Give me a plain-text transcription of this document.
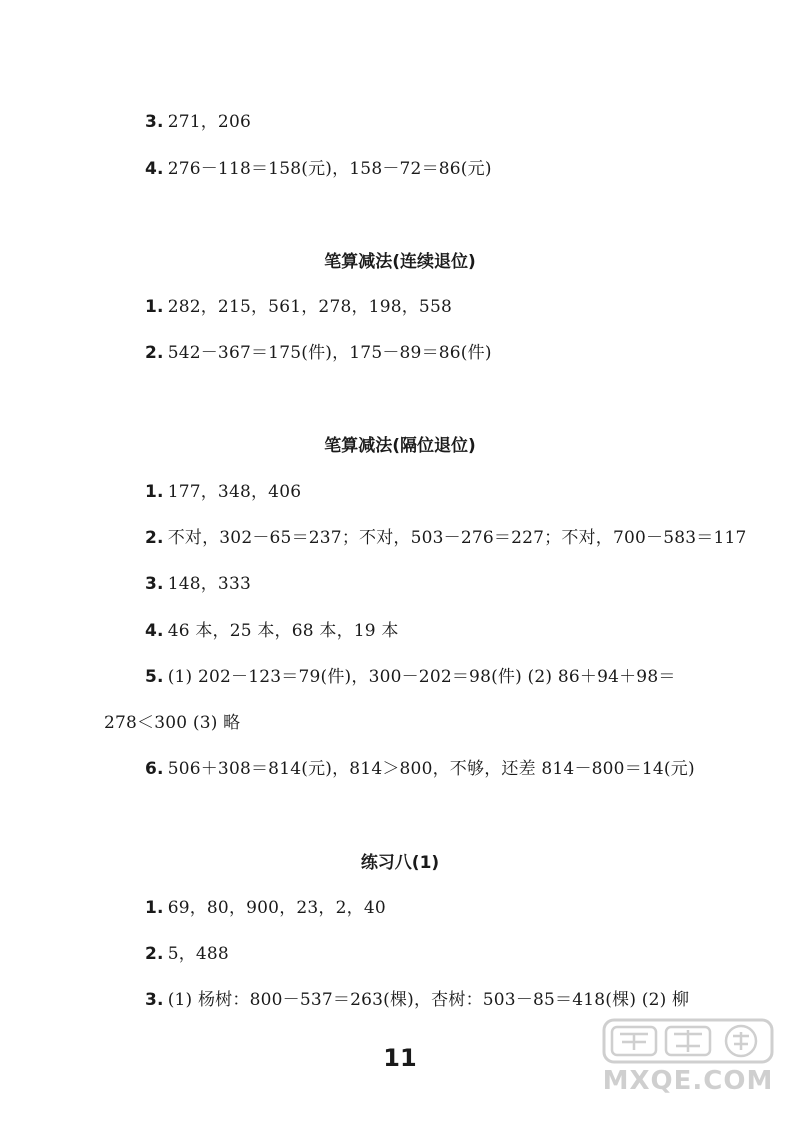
3. 271，206
4. 276－118＝158(元)，158－72＝86(元)
笔算减法(连续退位)
1. 282，215，561，278，198，558
2. 542－367＝175(件)，175－89＝86(件)
笔算减法(隔位退位)
1. 177，348，406
2. 不对，302－65＝237；不对，503－276＝227；不对，700－583＝117
3. 148，333
4. 46 本，25 本，68 本，19 本
5. (1) 202－123＝79(件)，300－202＝98(件) (2) 86＋94＋98＝
278＜300 (3) 略
6. 506＋308＝814(元)，814＞800，不够，还差 814－800＝14(元)
练习八(1)
1. 69，80，900，23，2，40
2. 5，488
3. (1) 杨树：800－537＝263(棵)，杏树：503－85＝418(棵) (2) 柳
11
MXQE.COM
